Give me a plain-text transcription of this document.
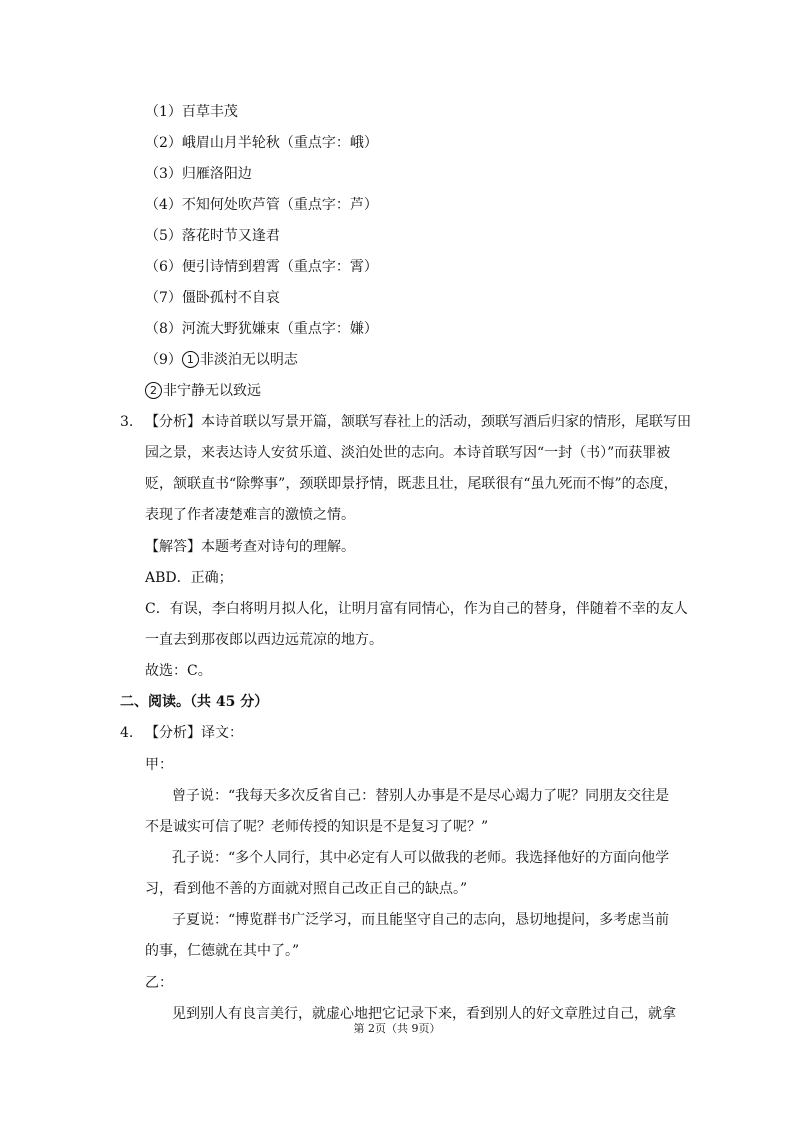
（1）百草丰茂
（2）峨眉山月半轮秋（重点字：峨）
（3）归雁洛阳边
（4）不知何处吹芦管（重点字：芦）
（5）落花时节又逢君
（6）便引诗情到碧霄（重点字：霄）
（7）僵卧孤村不自哀
（8）河流大野犹嫌束（重点字：嫌）
（9） 1 非淡泊无以明志
2 非宁静无以致远
3. 【分析】本诗首联以写景开篇，颔联写春社上的活动，颈联写酒后归家的情形，尾联写田
园之景，来表达诗人安贫乐道、淡泊处世的志向。本诗首联写因“一封（书）”而获罪被
贬，颔联直书“除弊事”，颈联即景抒情，既悲且壮，尾联很有“虽九死而不悔”的态度，
表现了作者凄楚难言的激愤之情。
【解答】本题考查对诗句的理解。
ABD．正确；
C．有误，李白将明月拟人化，让明月富有同情心，作为自己的替身，伴随着不幸的友人
一直去到那夜郎以西边远荒凉的地方。
故选：C。
二、阅读。（共 45 分）
4. 【分析】译文：
甲：
曾子说：“我每天多次反省自己：替别人办事是不是尽心竭力了呢？同朋友交往是
不是诚实可信了呢？老师传授的知识是不是复习了呢？”
孔子说：“多个人同行，其中必定有人可以做我的老师。我选择他好的方面向他学
习，看到他不善的方面就对照自己改正自己的缺点。”
子夏说：“博览群书广泛学习，而且能坚守自己的志向，恳切地提问，多考虑当前
的事，仁德就在其中了。”
乙：
见到别人有良言美行，就虚心地把它记录下来，看到别人的好文章胜过自己，就拿
第 2页（共 9页）
